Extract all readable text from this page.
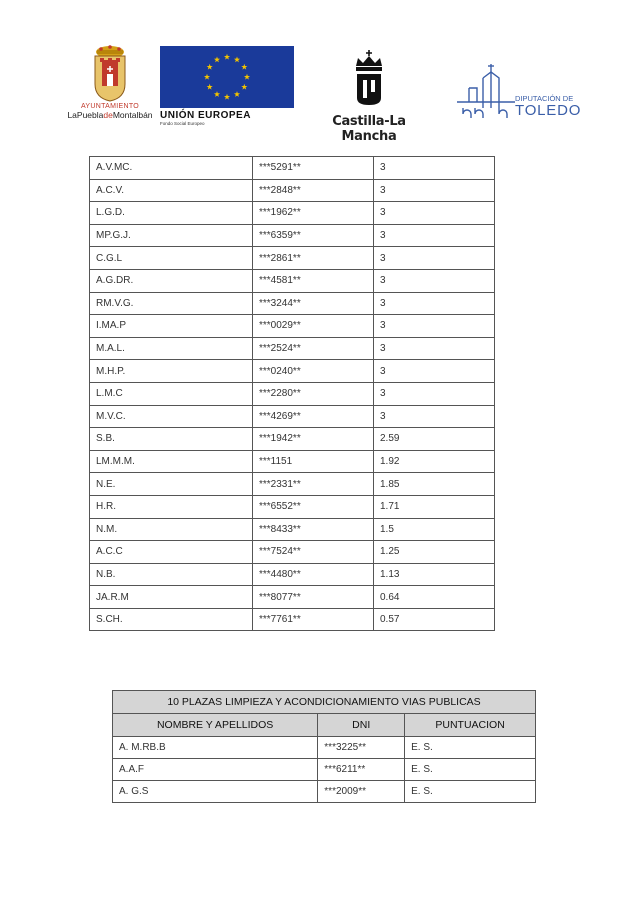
AYUNTAMIENTO
LaPuebladeMontalbán UNIÓN EUROPEA
Fondo Social Europeo	Castilla-La Mancha
DIPUTACIÓN DE
TOLEDO
A.V.MC.	***5291**	3
A.C.V.	***2848**	3
L.G.D.	***1962**	3
MP.G.J.	***6359**	3
C.G.L	***2861**	3
A.G.DR.	***4581**	3
RM.V.G.	***3244**	3
I.MA.P	***0029**	3
M.A.L.	***2524**	3
M.H.P.	***0240**	3
L.M.C	***2280**	3
M.V.C.	***4269**	3
S.B.	***1942**	2.59
LM.M.M.	***1151	1.92
N.E.	***2331**	1.85
H.R.	***6552**	1.71
N.M.	***8433**	1.5
A.C.C	***7524**	1.25
N.B.	***4480**	1.13
JA.R.M	***8077**	0.64
S.CH.	***7761**	0.57
10 PLAZAS LIMPIEZA Y ACONDICIONAMIENTO VIAS PUBLICAS		
NOMBRE Y APELLIDOS	DNI	PUNTUACION
A. M.RB.B	***3225**	E. S.
A.A.F	***6211**	E. S.
A. G.S	***2009**	E. S.
